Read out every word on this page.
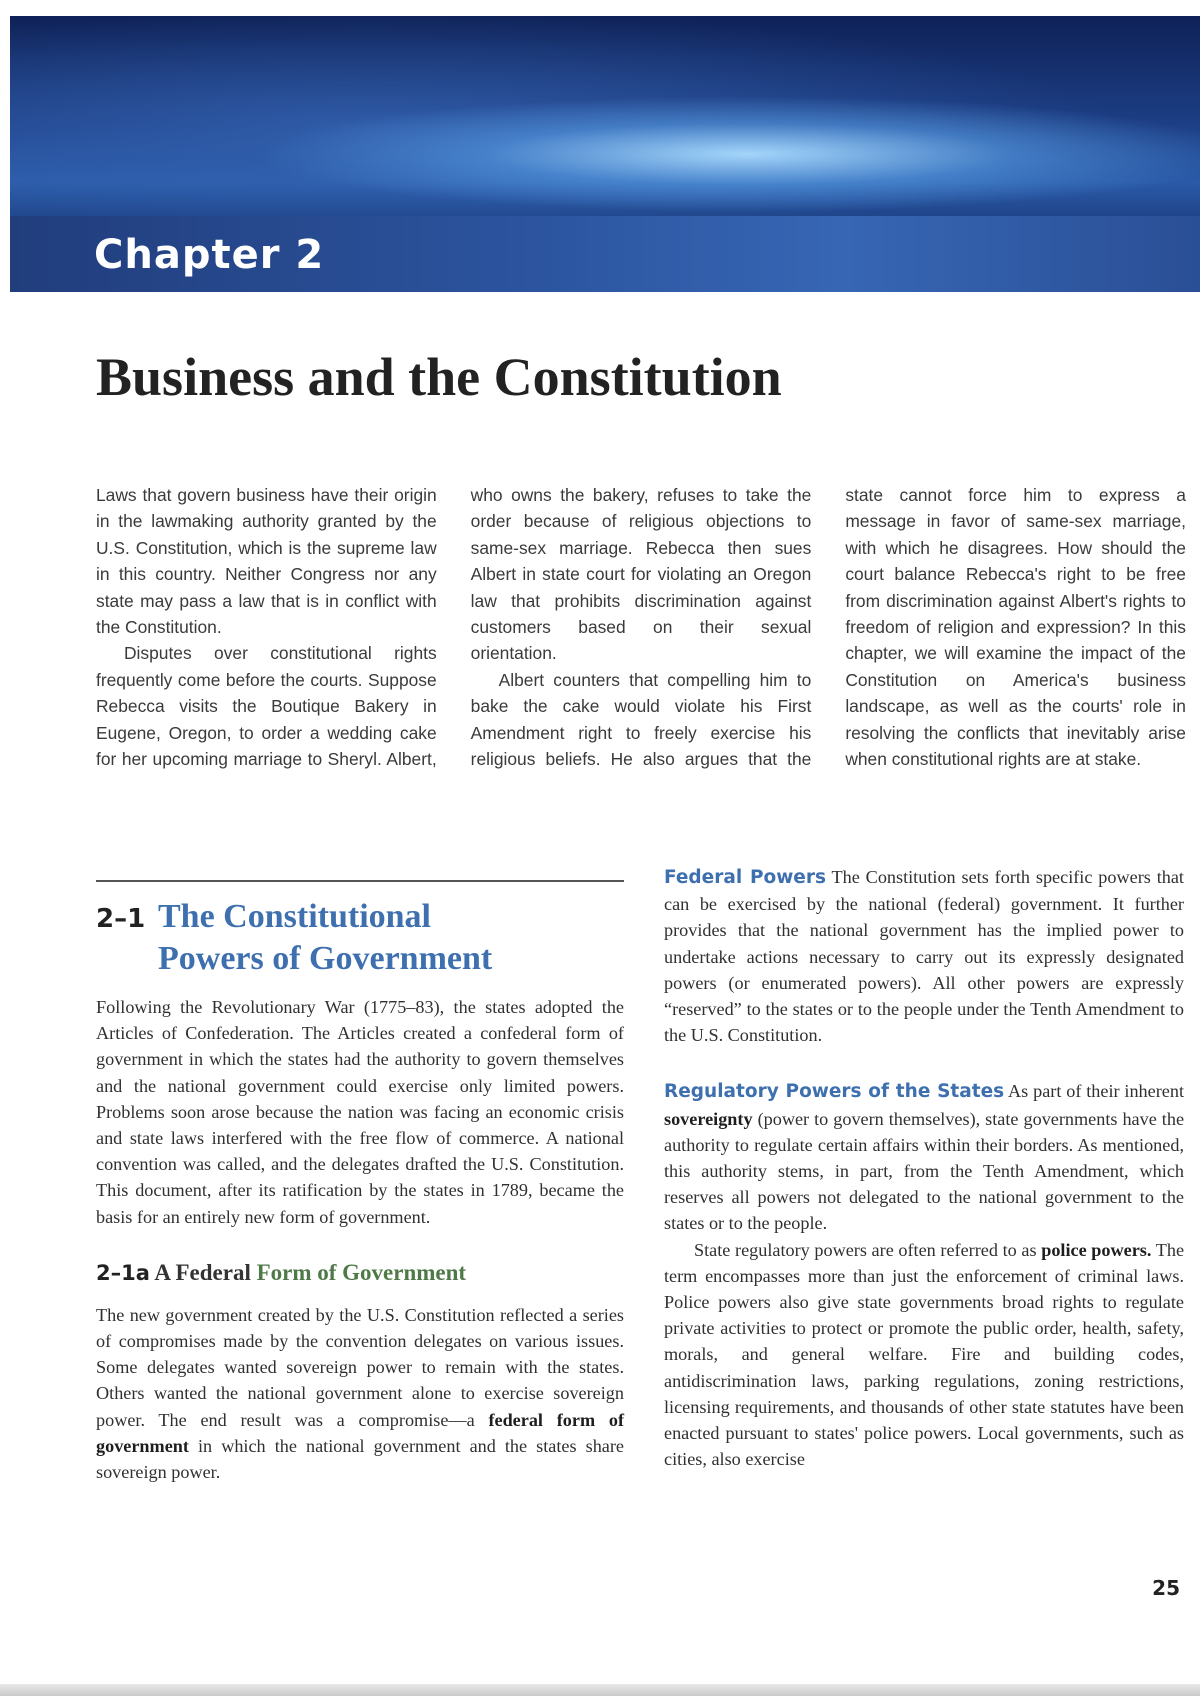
Chapter 2
Business and the Constitution

Laws that govern business have their origin in the lawmaking authority granted by the U.S. Constitution, which is the supreme law in this country. Neither Congress nor any state may pass a law that is in conflict with the Constitution.

Disputes over constitutional rights frequently come before the courts. Suppose Rebecca visits the Boutique Bakery in Eugene, Oregon, to order a wedding cake for her upcoming marriage to Sheryl. Albert, who owns the bakery, refuses to take the order because of religious objections to same-sex marriage. Rebecca then sues Albert in state court for violating an Oregon law that prohibits discrimination against customers based on their sexual orientation.

Albert counters that compelling him to bake the cake would violate his First Amendment right to freely exercise his religious beliefs. He also argues that the state cannot force him to express a message in favor of same-sex marriage, with which he disagrees. How should the court balance Rebecca's right to be free from discrimination against Albert's rights to freedom of religion and expression? In this chapter, we will examine the impact of the Constitution on America's business landscape, as well as the courts' role in resolving the conflicts that inevitably arise when constitutional rights are at stake.

2–1 The Constitutional
Powers of Government

Following the Revolutionary War (1775–83), the states adopted the Articles of Confederation. The Articles created a confederal form of government in which the states had the authority to govern themselves and the national government could exercise only limited powers. Problems soon arose because the nation was facing an economic crisis and state laws interfered with the free flow of commerce. A national convention was called, and the delegates drafted the U.S. Constitution. This document, after its ratification by the states in 1789, became the basis for an entirely new form of government.

2–1a A Federal Form of Government

The new government created by the U.S. Constitution reflected a series of compromises made by the convention delegates on various issues. Some delegates wanted sovereign power to remain with the states. Others wanted the national government alone to exercise sovereign power. The end result was a compromise—a federal form of government in which the national government and the states share sovereign power.

Federal Powers The Constitution sets forth specific powers that can be exercised by the national (federal) government. It further provides that the national government has the implied power to undertake actions necessary to carry out its expressly designated powers (or enumerated powers). All other powers are expressly “reserved” to the states or to the people under the Tenth Amendment to the U.S. Constitution.

Regulatory Powers of the States As part of their inherent sovereignty (power to govern themselves), state governments have the authority to regulate certain affairs within their borders. As mentioned, this authority stems, in part, from the Tenth Amendment, which reserves all powers not delegated to the national government to the states or to the people.

State regulatory powers are often referred to as police powers. The term encompasses more than just the enforcement of criminal laws. Police powers also give state governments broad rights to regulate private activities to protect or promote the public order, health, safety, morals, and general welfare. Fire and building codes, antidiscrimination laws, parking regulations, zoning restrictions, licensing requirements, and thousands of other state statutes have been enacted pursuant to states' police powers. Local governments, such as cities, also exercise

25
